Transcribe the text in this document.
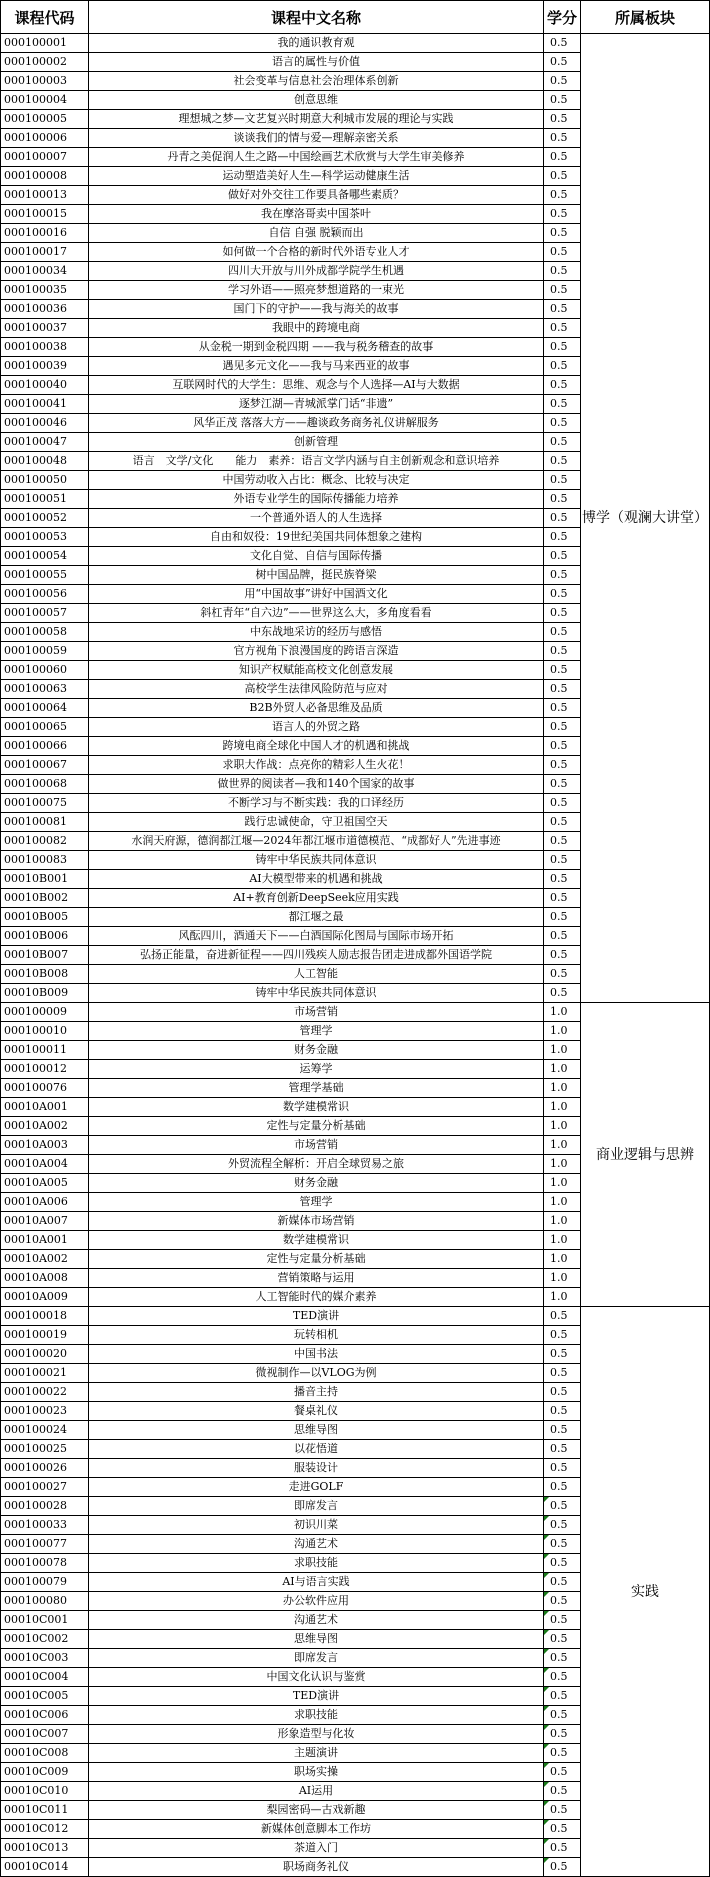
课程代码	课程中文名称	学分	所属板块
000100001	我的通识教育观	0.5	博学（观澜大讲堂）
000100002	语言的属性与价值	0.5	
000100003	社会变革与信息社会治理体系创新	0.5	
000100004	创意思维	0.5	
000100005	理想城之梦—文艺复兴时期意大利城市发展的理论与实践	0.5	
000100006	谈谈我们的情与爱—理解亲密关系	0.5	
000100007	丹青之美促润人生之路—中国绘画艺术欣赏与大学生审美修养	0.5	
000100008	运动塑造美好人生—科学运动健康生活	0.5	
000100013	做好对外交往工作要具备哪些素质？	0.5	
000100015	我在摩洛哥卖中国茶叶	0.5	
000100016	自信 自强 脱颖而出	0.5	
000100017	如何做一个合格的新时代外语专业人才	0.5	
000100034	四川大开放与川外成都学院学生机遇	0.5	
000100035	学习外语——照亮梦想道路的一束光	0.5	
000100036	国门下的守护——我与海关的故事	0.5	
000100037	我眼中的跨境电商	0.5	
000100038	从金税一期到金税四期 ——我与税务稽查的故事	0.5	
000100039	遇见多元文化——我与马来西亚的故事	0.5	
000100040	互联网时代的大学生：思维、观念与个人选择—AI与大数据	0.5	
000100041	逐梦江湖—青城派掌门话“非遗”	0.5	
000100046	风华正茂 落落大方——趣谈政务商务礼仪讲解服务	0.5	
000100047	创新管理	0.5	
000100048	语言　文学/文化　　能力　素养：语言文学内涵与自主创新观念和意识培养	0.5	
000100050	中国劳动收入占比：概念、比较与决定	0.5	
000100051	外语专业学生的国际传播能力培养	0.5	
000100052	一个普通外语人的人生选择	0.5	
000100053	自由和奴役：19世纪美国共同体想象之建构	0.5	
000100054	文化自觉、自信与国际传播	0.5	
000100055	树中国品牌，挺民族脊梁	0.5	
000100056	用“中国故事”讲好中国酒文化	0.5	
000100057	斜杠青年“自六边”——世界这么大，多角度看看	0.5	
000100058	中东战地采访的经历与感悟	0.5	
000100059	官方视角下浪漫国度的跨语言深造	0.5	
000100060	知识产权赋能高校文化创意发展	0.5	
000100063	高校学生法律风险防范与应对	0.5	
000100064	B2B外贸人必备思维及品质	0.5	
000100065	语言人的外贸之路	0.5	
000100066	跨境电商全球化中国人才的机遇和挑战	0.5	
000100067	求职大作战：点亮你的精彩人生火花！	0.5	
000100068	做世界的阅读者—我和140个国家的故事	0.5	
000100075	不断学习与不断实践：我的口译经历	0.5	
000100081	践行忠诚使命，守卫祖国空天	0.5	
000100082	水润天府源，德润都江堰—2024年都江堰市道德模范、“成都好人”先进事迹	0.5	
000100083	铸牢中华民族共同体意识	0.5	
00010B001	AI大模型带来的机遇和挑战	0.5	
00010B002	AI+教育创新DeepSeek应用实践	0.5	
00010B005	都江堰之最	0.5	
00010B006	风酝四川，酒通天下——白酒国际化图局与国际市场开拓	0.5	
00010B007	弘扬正能量，奋进新征程——四川残疾人励志报告团走进成都外国语学院	0.5	
00010B008	人工智能	0.5	
00010B009	铸牢中华民族共同体意识	0.5	
000100009	市场营销	1.0	商业逻辑与思辨
000100010	管理学	1.0	
000100011	财务金融	1.0	
000100012	运筹学	1.0	
000100076	管理学基础	1.0	
00010A001	数学建模常识	1.0	
00010A002	定性与定量分析基础	1.0	
00010A003	市场营销	1.0	
00010A004	外贸流程全解析：开启全球贸易之旅	1.0	
00010A005	财务金融	1.0	
00010A006	管理学	1.0	
00010A007	新媒体市场营销	1.0	
00010A001	数学建模常识	1.0	
00010A002	定性与定量分析基础	1.0	
00010A008	营销策略与运用	1.0	
00010A009	人工智能时代的媒介素养	1.0	
000100018	TED演讲	0.5	实践
000100019	玩转相机	0.5	
000100020	中国书法	0.5	
000100021	微视制作—以VLOG为例	0.5	
000100022	播音主持	0.5	
000100023	餐桌礼仪	0.5	
000100024	思维导图	0.5	
000100025	以花悟道	0.5	
000100026	服装设计	0.5	
000100027	走进GOLF	0.5	
000100028	即席发言	0.5	

000100033	初识川菜	0.5	

000100077	沟通艺术	0.5	

000100078	求职技能	0.5	

000100079	AI与语言实践	0.5	

000100080	办公软件应用	0.5	

00010C001	沟通艺术	0.5	

00010C002	思维导图	0.5	

00010C003	即席发言	0.5	

00010C004	中国文化认识与鉴赏	0.5	

00010C005	TED演讲	0.5	

00010C006	求职技能	0.5	

00010C007	形象造型与化妆	0.5	

00010C008	主题演讲	0.5	

00010C009	职场实操	0.5	

00010C010	AI运用	0.5	

00010C011	梨园密码—古戏新趣	0.5	

00010C012	新媒体创意脚本工作坊	0.5	

00010C013	茶道入门	0.5	

00010C014	职场商务礼仪	0.5	
